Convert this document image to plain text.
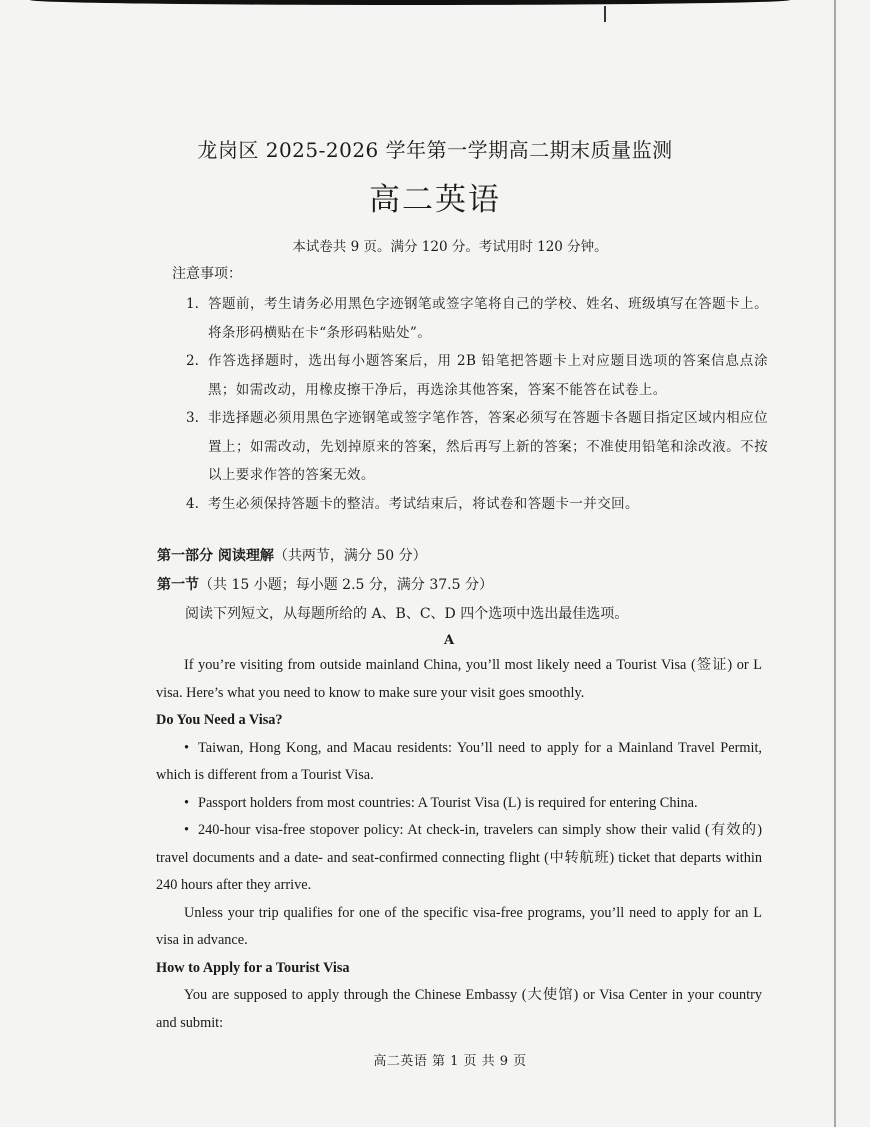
龙岗区 2025-2026 学年第一学期高二期末质量监测
高二英语
本试卷共 9 页。满分 120 分。考试用时 120 分钟。
注意事项：
1. 答题前，考生请务必用黑色字迹钢笔或签字笔将自己的学校、姓名、班级填写在答题卡上。将条形码横贴在卡“条形码粘贴处”。
2. 作答选择题时，选出每小题答案后，用 2B 铅笔把答题卡上对应题目选项的答案信息点涂黑；如需改动，用橡皮擦干净后，再选涂其他答案，答案不能答在试卷上。
3. 非选择题必须用黑色字迹钢笔或签字笔作答，答案必须写在答题卡各题目指定区域内相应位置上；如需改动，先划掉原来的答案，然后再写上新的答案；不准使用铅笔和涂改液。不按以上要求作答的答案无效。
4. 考生必须保持答题卡的整洁。考试结束后，将试卷和答题卡一并交回。
第一部分 阅读理解（共两节，满分 50 分）
第一节（共 15 小题；每小题 2.5 分，满分 37.5 分）
阅读下列短文，从每题所给的 A、B、C、D 四个选项中选出最佳选项。
A

If you’re visiting from outside mainland China, you’ll most likely need a Tourist Visa (签证) or L visa. Here’s what you need to know to make sure your visit goes smoothly.

Do You Need a Visa?

• Taiwan, Hong Kong, and Macau residents: You’ll need to apply for a Mainland Travel Permit, which is different from a Tourist Visa.

• Passport holders from most countries: A Tourist Visa (L) is required for entering China.

• 240-hour visa-free stopover policy: At check-in, travelers can simply show their valid (有效的) travel documents and a date- and seat-confirmed connecting flight (中转航班) ticket that departs within 240 hours after they arrive.

Unless your trip qualifies for one of the specific visa-free programs, you’ll need to apply for an L visa in advance.

How to Apply for a Tourist Visa

You are supposed to apply through the Chinese Embassy (大使馆) or Visa Center in your country and submit:

高二英语 第 1 页 共 9 页
